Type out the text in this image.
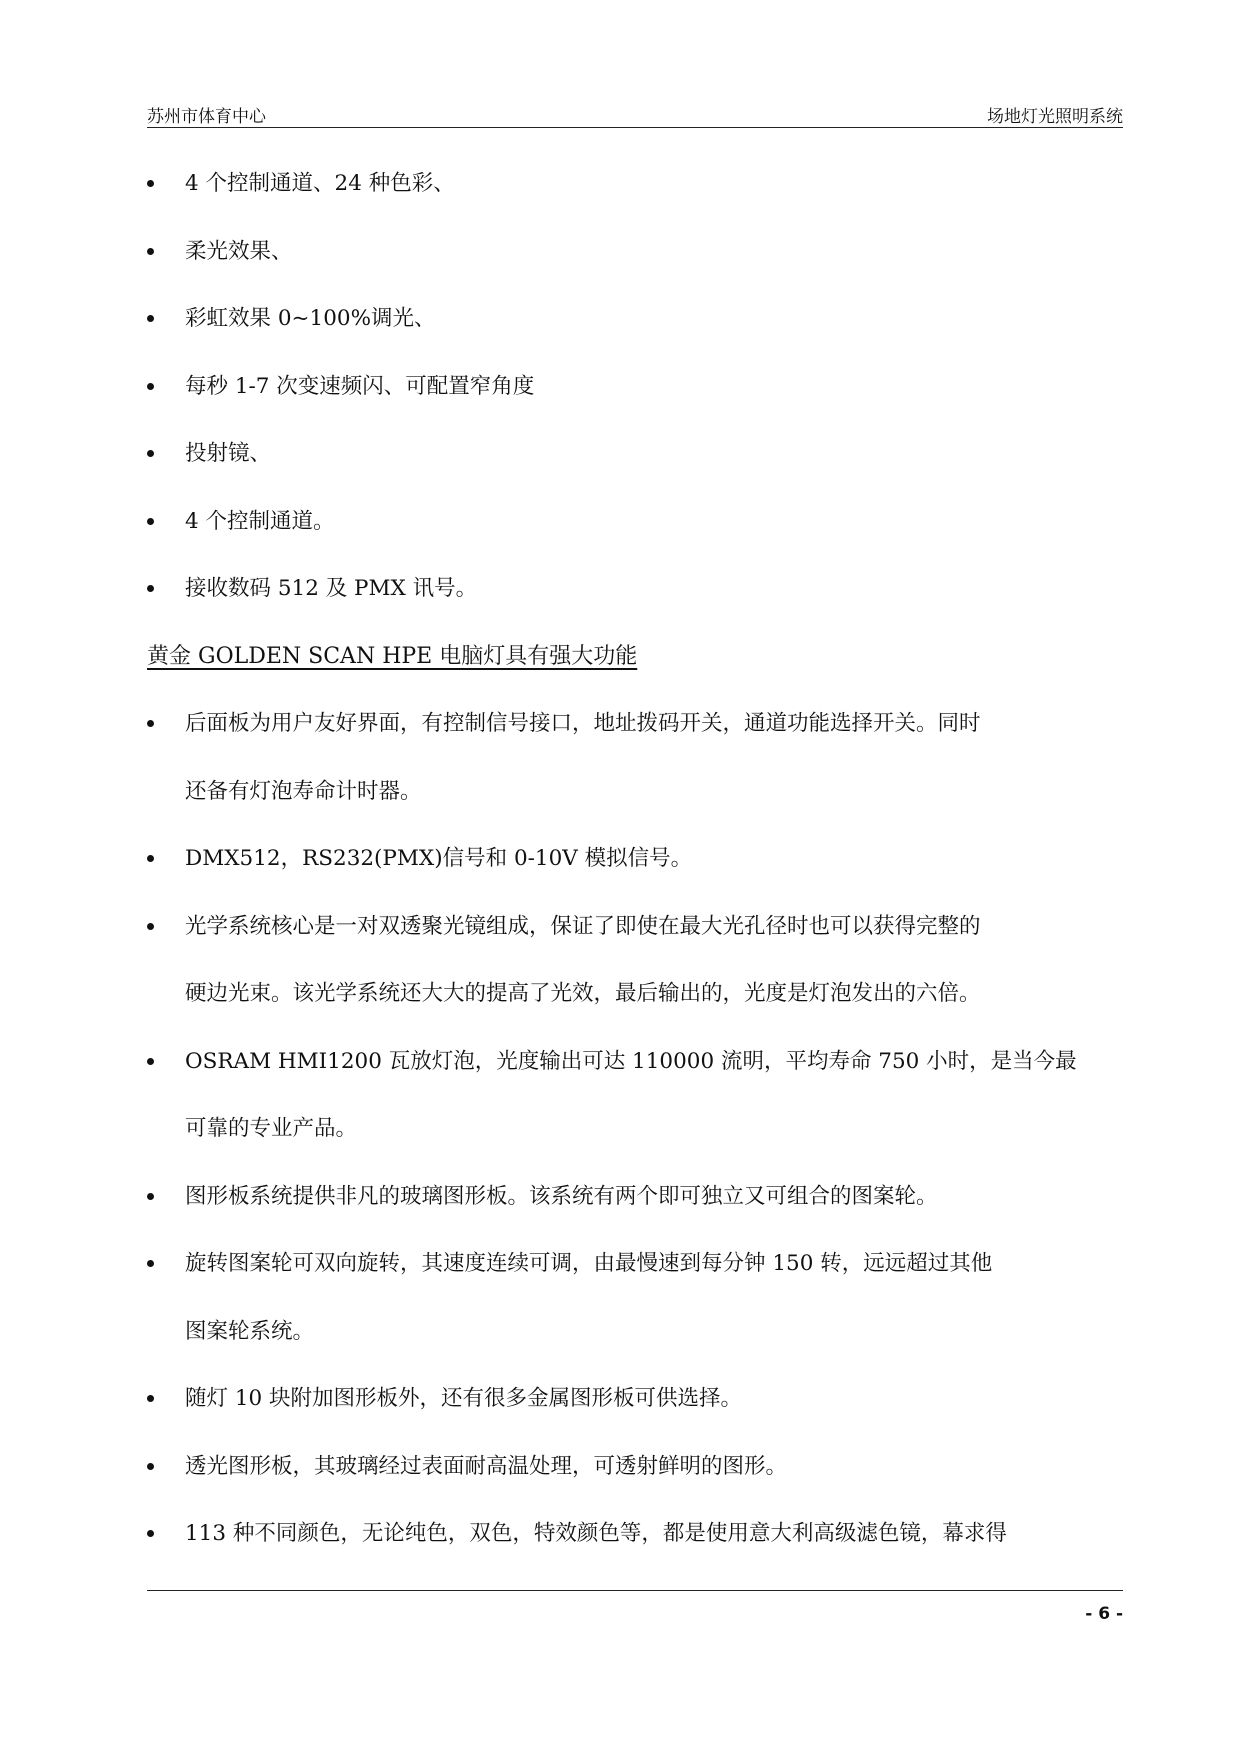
苏州市体育中心	场地灯光照明系统
4 个控制通道、24 种色彩、
柔光效果、
彩虹效果 0~100%调光、
每秒 1-7 次变速频闪、可配置窄角度
投射镜、
4 个控制通道。
接收数码 512 及 PMX 讯号。
黄金 GOLDEN SCAN HPE 电脑灯具有强大功能
后面板为用户友好界面，有控制信号接口，地址拨码开关，通道功能选择开关。同时
还备有灯泡寿命计时器。
DMX512，RS232(PMX)信号和 0-10V 模拟信号。
光学系统核心是一对双透聚光镜组成，保证了即使在最大光孔径时也可以获得完整的
硬边光束。该光学系统还大大的提高了光效，最后输出的，光度是灯泡发出的六倍。
OSRAM HMI1200 瓦放灯泡，光度输出可达 110000 流明，平均寿命 750 小时，是当今最
可靠的专业产品。
图形板系统提供非凡的玻璃图形板。该系统有两个即可独立又可组合的图案轮。
旋转图案轮可双向旋转，其速度连续可调，由最慢速到每分钟 150 转，远远超过其他
图案轮系统。
随灯 10 块附加图形板外，还有很多金属图形板可供选择。
透光图形板，其玻璃经过表面耐高温处理，可透射鲜明的图形。
113 种不同颜色，无论纯色，双色，特效颜色等，都是使用意大利高级滤色镜，幕求得
- 6 -
